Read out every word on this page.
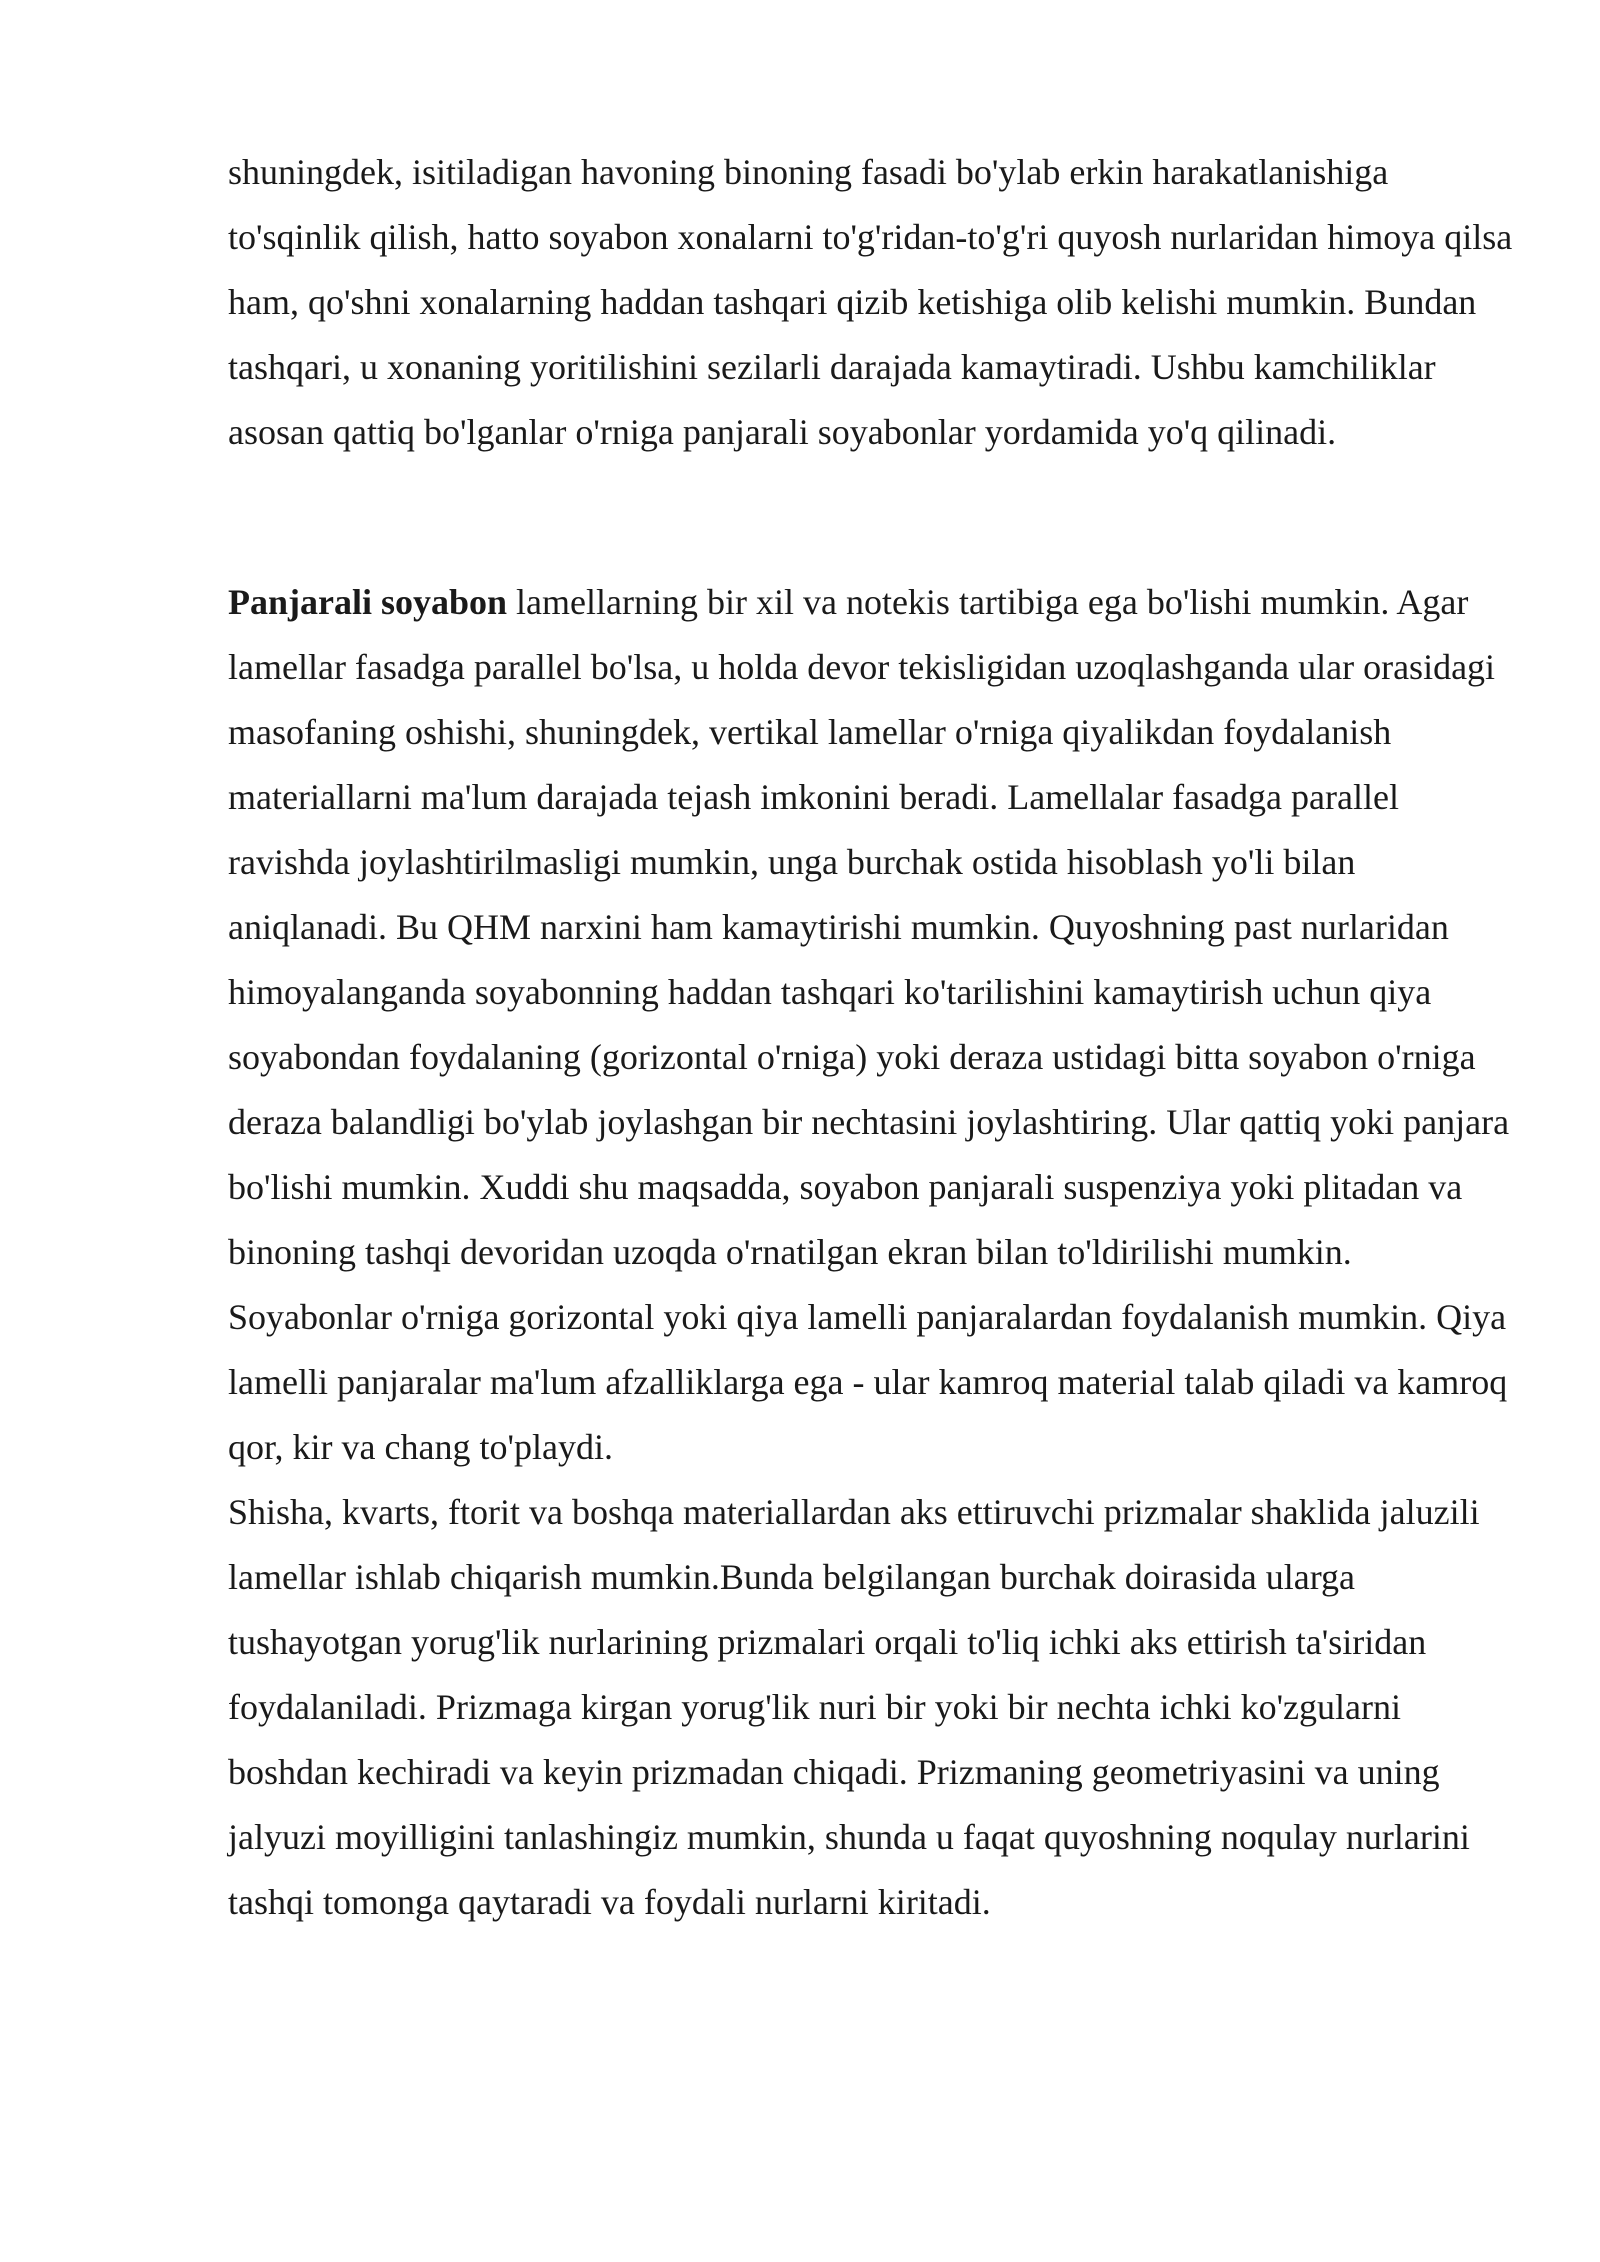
shuningdek, isitiladigan havoning binoning fasadi bo'ylab erkin harakatlanishiga to'sqinlik qilish, hatto soyabon xonalarni to'g'ridan-to'g'ri quyosh nurlaridan himoya qilsa ham, qo'shni xonalarning haddan tashqari qizib ketishiga olib kelishi mumkin. Bundan tashqari, u xonaning yoritilishini sezilarli darajada kamaytiradi. Ushbu kamchiliklar asosan qattiq bo'lganlar o'rniga panjarali soyabonlar yordamida yo'q qilinadi.

Panjarali soyabon lamellarning bir xil va notekis tartibiga ega bo'lishi mumkin. Agar lamellar fasadga parallel bo'lsa, u holda devor tekisligidan uzoqlashganda ular orasidagi masofaning oshishi, shuningdek, vertikal lamellar o'rniga qiyalikdan foydalanish materiallarni ma'lum darajada tejash imkonini beradi. Lamellalar fasadga parallel ravishda joylashtirilmasligi mumkin, unga burchak ostida hisoblash yo'li bilan aniqlanadi. Bu QHM narxini ham kamaytirishi mumkin. Quyoshning past nurlaridan himoyalanganda soyabonning haddan tashqari ko'tarilishini kamaytirish uchun qiya soyabondan foydalaning (gorizontal o'rniga) yoki deraza ustidagi bitta soyabon o'rniga deraza balandligi bo'ylab joylashgan bir nechtasini joylashtiring. Ular qattiq yoki panjara bo'lishi mumkin. Xuddi shu maqsadda, soyabon panjarali suspenziya yoki plitadan va binoning tashqi devoridan uzoqda o'rnatilgan ekran bilan to'ldirilishi mumkin.

Soyabonlar o'rniga gorizontal yoki qiya lamelli panjaralardan foydalanish mumkin. Qiya lamelli panjaralar ma'lum afzalliklarga ega - ular kamroq material talab qiladi va kamroq qor, kir va chang to'playdi.

Shisha, kvarts, ftorit va boshqa materiallardan aks ettiruvchi prizmalar shaklida jaluzili lamellar ishlab chiqarish mumkin.Bunda belgilangan burchak doirasida ularga tushayotgan yorug'lik nurlarining prizmalari orqali to'liq ichki aks ettirish ta'siridan foydalaniladi. Prizmaga kirgan yorug'lik nuri bir yoki bir nechta ichki ko'zgularni boshdan kechiradi va keyin prizmadan chiqadi. Prizmaning geometriyasini va uning jalyuzi moyilligini tanlashingiz mumkin, shunda u faqat quyoshning noqulay nurlarini tashqi tomonga qaytaradi va foydali nurlarni kiritadi.
